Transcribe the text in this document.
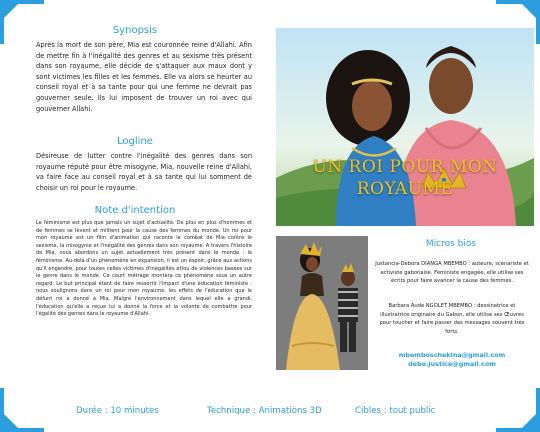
Synopsis

Après la mort de son père, Mia est couronnée reine d'Allahi. Afin de mettre fin à l'inégalité des genres et au sexisme très présent dans son royaume, elle décide de s'attaquer aux maux dont y sont victimes les filles et les femmes. Elle va alors se heurter au conseil royal et à sa tante pour qui une femme ne devrait pas gouverner seule. Ils lui imposent de trouver un roi avec qui gouverner Allahi.

Logline

Désireuse de lutter contre l'inégalité des genres dans son royaume réputé pour être misogyne, Mia, nouvelle reine d'Allahi, va faire face au conseil royal et à sa tante qui lui somment de choisir un roi pour le royaume.

Note d'intention

Le féminisme est plus que jamais un sujet d'actualité. De plus en plus d'hommes et de femmes se lèvent et militent pour la cause des femmes du monde. Un roi pour mon royaume est un film d'animation qui raconte le combat de Mia contre le sexisme, la misogynie et l'inégalité des genres dans son royaume. A travers l'histoire de Mia, nous abordons un sujet actuellement très présent dans le monde : le féminisme. Au-delà d'un phénomène en expansion, il est un espoir, grâce aux actions qu'il engendre, pour toutes celles victimes d'inégalités et/ou de violences basées sur le genre dans le monde. Ce court métrage montera ce phénomène sous un autre regard. Le but principal étant de faire ressortir l'impact d'une éducation féministe : nous soulignons dans un roi pour mon royaume, les effets de l'éducation que le défunt roi a donné à Mia. Malgré l'environnement dans lequel elle a grandi, l'éducation qu'elle a reçue lui a donné la force et la volonté de combattre pour l'égalité des genres dans le royaume d'Allahi.

UN ROI POUR MON
ROYAUME
Micros bios

Justancia-Debora DIANGA MBEMBO : auteure, scénariste et activiste gabonaise. Féministe engagée, elle utilise ses écrits pour faire avancer la cause des femmes.

Barbara Aude NGOLET MBEMBO : dessinatrice et illustratrice originaire du Gabon, elle utilise ses Œuvres pour toucher et faire passer des messages souvent très forts.

mbemboschekina@gmail.com

debo.justice@gmail.com

Durée : 10 minutes	Technique : Animations 3D	Cibles : tout public
